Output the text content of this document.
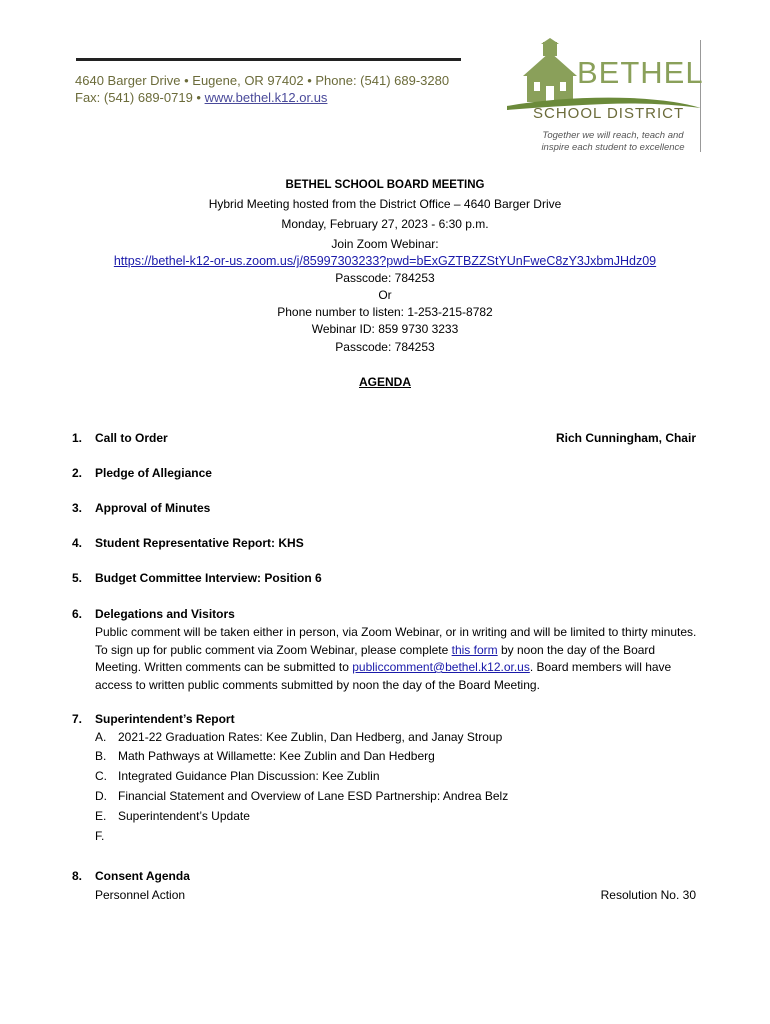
4640 Barger Drive • Eugene, OR 97402 • Phone: (541) 689-3280
Fax: (541) 689-0719 • www.bethel.k12.or.us
BETHEL
SCHOOL DISTRICT
Together we will reach, teach and inspire each student to excellence
BETHEL SCHOOL BOARD MEETING
Hybrid Meeting hosted from the District Office – 4640 Barger Drive
Monday, February 27, 2023 - 6:30 p.m.
Join Zoom Webinar:
https://bethel-k12-or-us.zoom.us/j/85997303233?pwd=bExGZTBZZStYUnFweC8zY3JxbmJHdz09
Passcode: 784253
Or
Phone number to listen: 1-253-215-8782
Webinar ID: 859 9730 3233
Passcode: 784253
AGENDA
1. Call to Order	Rich Cunningham, Chair
2. Pledge of Allegiance
3. Approval of Minutes
4. Student Representative Report: KHS
5. Budget Committee Interview: Position 6
6. Delegations and Visitors
Public comment will be taken either in person, via Zoom Webinar, or in writing and will be limited to thirty minutes. To sign up for public comment via Zoom Webinar, please complete this form by noon the day of the Board Meeting. Written comments can be submitted to publiccomment@bethel.k12.or.us. Board members will have access to written public comments submitted by noon the day of the Board Meeting.
7. Superintendent’s Report
A. 2021-22 Graduation Rates: Kee Zublin, Dan Hedberg, and Janay Stroup
B. Math Pathways at Willamette: Kee Zublin and Dan Hedberg
C. Integrated Guidance Plan Discussion: Kee Zublin
D. Financial Statement and Overview of Lane ESD Partnership: Andrea Belz
E. Superintendent’s Update
F.
8. Consent Agenda
Personnel Action	Resolution No. 30
